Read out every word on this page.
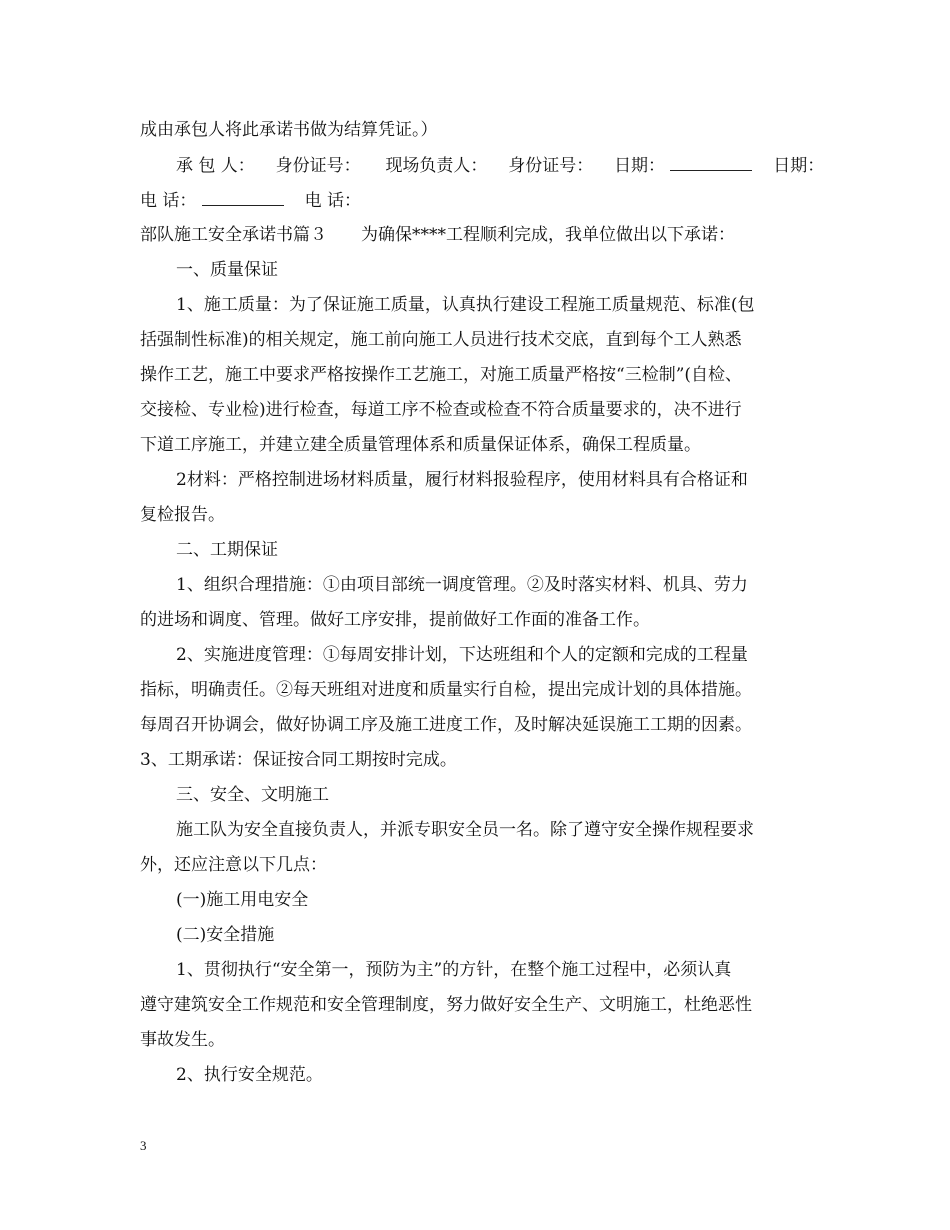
成由承包人将此承诺书做为结算凭证。）
承 包 人： 身份证号： 现场负责人： 身份证号： 日期：	日期：
电 话：	电 话：
部队施工安全承诺书篇３　　为确保****工程顺利完成，我单位做出以下承诺：
一、质量保证
1、施工质量：为了保证施工质量，认真执行建设工程施工质量规范、标准(包
括强制性标准)的相关规定，施工前向施工人员进行技术交底，直到每个工人熟悉
操作工艺，施工中要求严格按操作工艺施工，对施工质量严格按“三检制”(自检、
交接检、专业检)进行检查，每道工序不检查或检查不符合质量要求的，决不进行
下道工序施工，并建立建全质量管理体系和质量保证体系，确保工程质量。
2材料：严格控制进场材料质量，履行材料报验程序，使用材料具有合格证和
复检报告。
二、工期保证
1、组织合理措施：①由项目部统一调度管理。②及时落实材料、机具、劳力
的进场和调度、管理。做好工序安排，提前做好工作面的准备工作。
2、实施进度管理：①每周安排计划，下达班组和个人的定额和完成的工程量
指标，明确责任。②每天班组对进度和质量实行自检，提出完成计划的具体措施。
每周召开协调会，做好协调工序及施工进度工作，及时解决延误施工工期的因素。
3、工期承诺：保证按合同工期按时完成。
三、安全、文明施工
施工队为安全直接负责人，并派专职安全员一名。除了遵守安全操作规程要求
外，还应注意以下几点：
(一)施工用电安全
(二)安全措施
1、贯彻执行“安全第一，预防为主”的方针，在整个施工过程中，必须认真
遵守建筑安全工作规范和安全管理制度，努力做好安全生产、文明施工，杜绝恶性
事故发生。
2、执行安全规范。
3
